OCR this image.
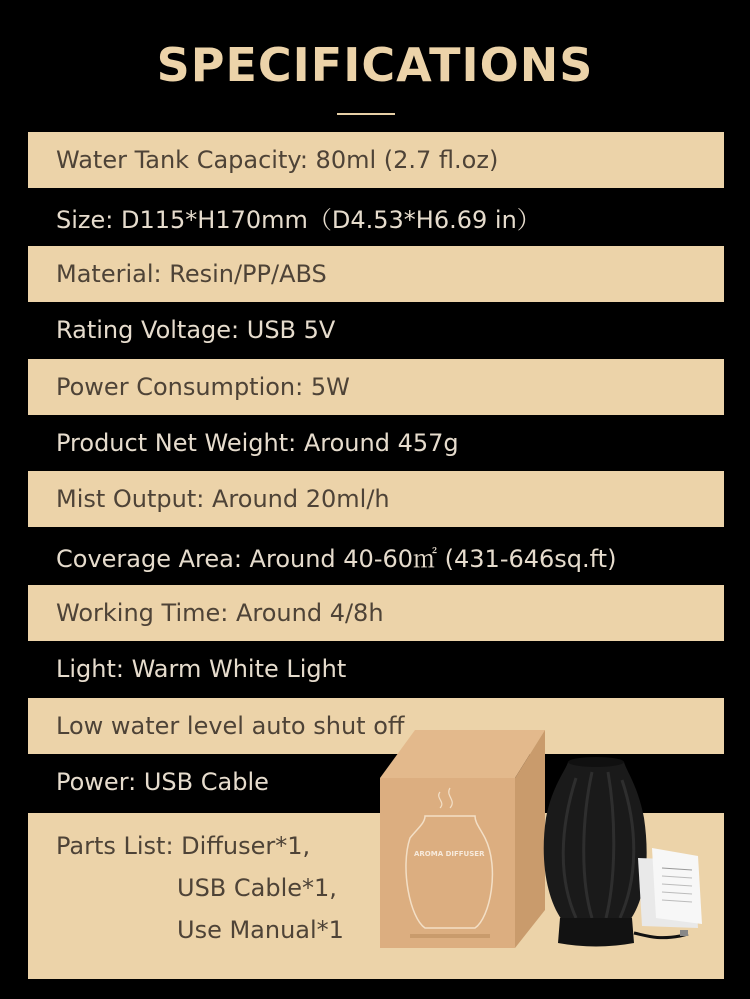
SPECIFICATIONS
Water Tank Capacity: 80ml (2.7 fl.oz)
Size: D115*H170mm（D4.53*H6.69 in）
Material: Resin/PP/ABS
Rating Voltage: USB 5V
Power Consumption: 5W
Product Net Weight: Around 457g
Mist Output: Around 20ml/h
Coverage Area: Around 40-60㎡ (431-646sq.ft)
Working Time: Around 4/8h
Light: Warm White Light
Low water level auto shut off
Power: USB Cable
Parts List: Diffuser*1,
USB Cable*1,
Use Manual*1
AROMA DIFFUSER
